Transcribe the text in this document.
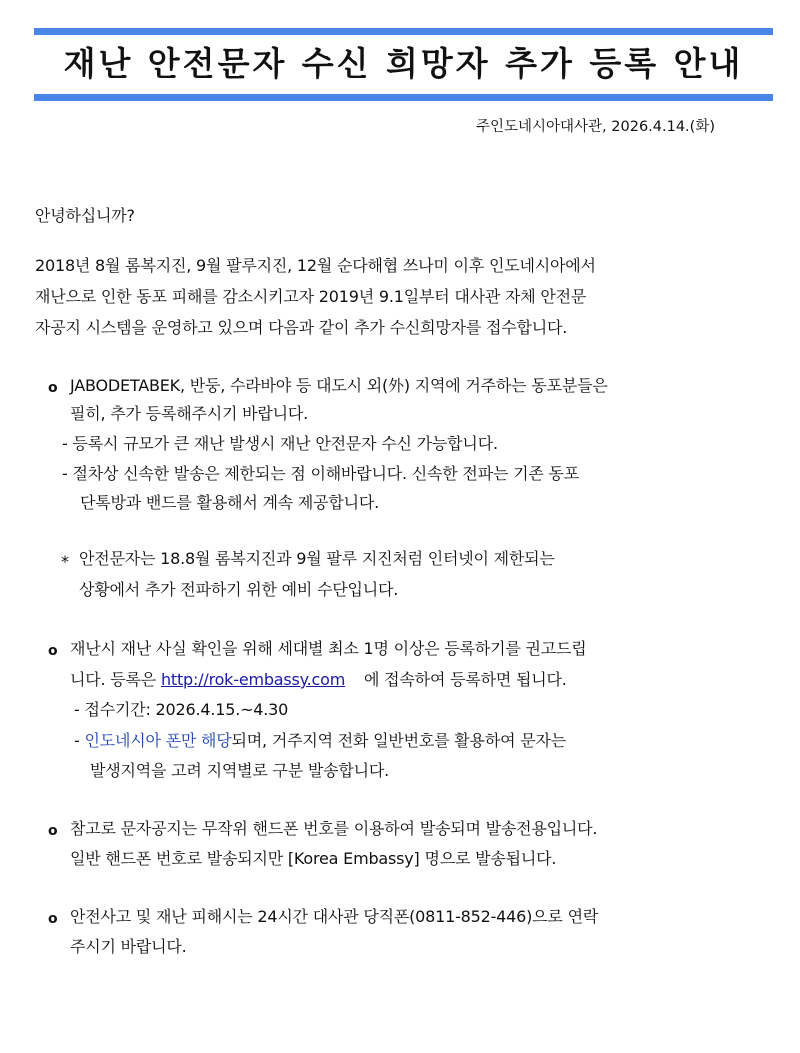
재난 안전문자 수신 희망자 추가 등록 안내
주인도네시아대사관, 2026.4.14.(화)
안녕하십니까?
2018년 8월 롬복지진, 9월 팔루지진, 12월 순다해협 쓰나미 이후 인도네시아에서
재난으로 인한 동포 피해를 감소시키고자 2019년 9.1일부터 대사관 자체 안전문
자공지 시스템을 운영하고 있으며 다음과 같이 추가 수신희망자를 접수합니다.
o JABODETABEK, 반둥, 수라바야 등 대도시 외(外) 지역에 거주하는 동포분들은
필히, 추가 등록해주시기 바랍니다.
- 등록시 규모가 큰 재난 발생시 재난 안전문자 수신 가능합니다.
- 절차상 신속한 발송은 제한되는 점 이해바랍니다. 신속한 전파는 기존 동포
단톡방과 밴드를 활용해서 계속 제공합니다.
* 안전문자는 18.8월 롬복지진과 9월 팔루 지진처럼 인터넷이 제한되는
상황에서 추가 전파하기 위한 예비 수단입니다.
o 재난시 재난 사실 확인을 위해 세대별 최소 1명 이상은 등록하기를 권고드립
니다. 등록은 http://rok-embassy.com 에 접속하여 등록하면 됩니다.
- 접수기간: 2026.4.15.~4.30
- 인도네시아 폰만 해당되며, 거주지역 전화 일반번호를 활용하여 문자는
발생지역을 고려 지역별로 구분 발송합니다.
o 참고로 문자공지는 무작위 핸드폰 번호를 이용하여 발송되며 발송전용입니다.
일반 핸드폰 번호로 발송되지만 [Korea Embassy] 명으로 발송됩니다.
o 안전사고 및 재난 피해시는 24시간 대사관 당직폰(0811-852-446)으로 연락
주시기 바랍니다.
